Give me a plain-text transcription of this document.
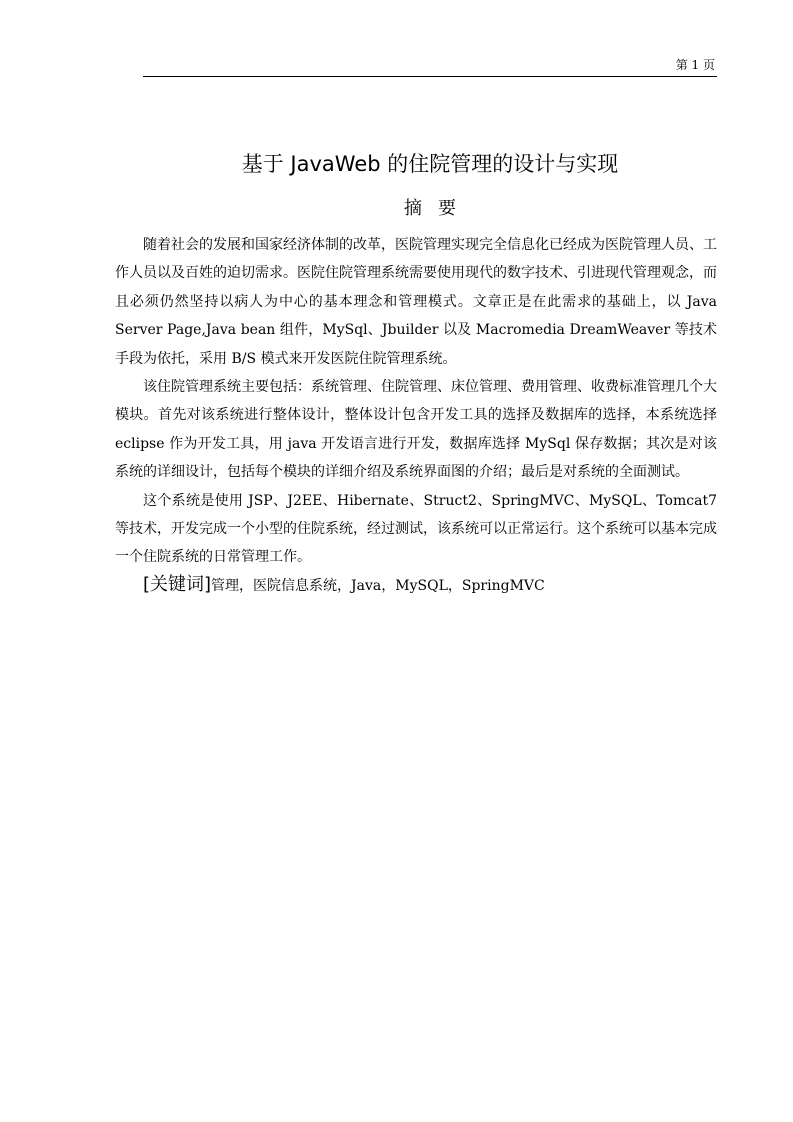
第 1 页
基于 JavaWeb 的住院管理的设计与实现
摘要

随着社会的发展和国家经济体制的改革，医院管理实现完全信息化已经成为医院管理人员、工作人员以及百姓的迫切需求。医院住院管理系统需要使用现代的数字技术、引进现代管理观念，而且必须仍然坚持以病人为中心的基本理念和管理模式。文章正是在此需求的基础上，以 Java Server Page,Java bean 组件，MySql、Jbuilder 以及 Macromedia DreamWeaver 等技术手段为依托，采用 B/S 模式来开发医院住院管理系统。

该住院管理系统主要包括：系统管理、住院管理、床位管理、费用管理、收费标准管理几个大模块。首先对该系统进行整体设计，整体设计包含开发工具的选择及数据库的选择，本系统选择 eclipse 作为开发工具，用 java 开发语言进行开发，数据库选择 MySql 保存数据；其次是对该系统的详细设计，包括每个模块的详细介绍及系统界面图的介绍；最后是对系统的全面测试。

这个系统是使用 JSP、J2EE、Hibernate、Struct2、SpringMVC、MySQL、Tomcat7 等技术，开发完成一个小型的住院系统，经过测试，该系统可以正常运行。这个系统可以基本完成一个住院系统的日常管理工作。

[关键词]管理，医院信息系统，Java，MySQL，SpringMVC
